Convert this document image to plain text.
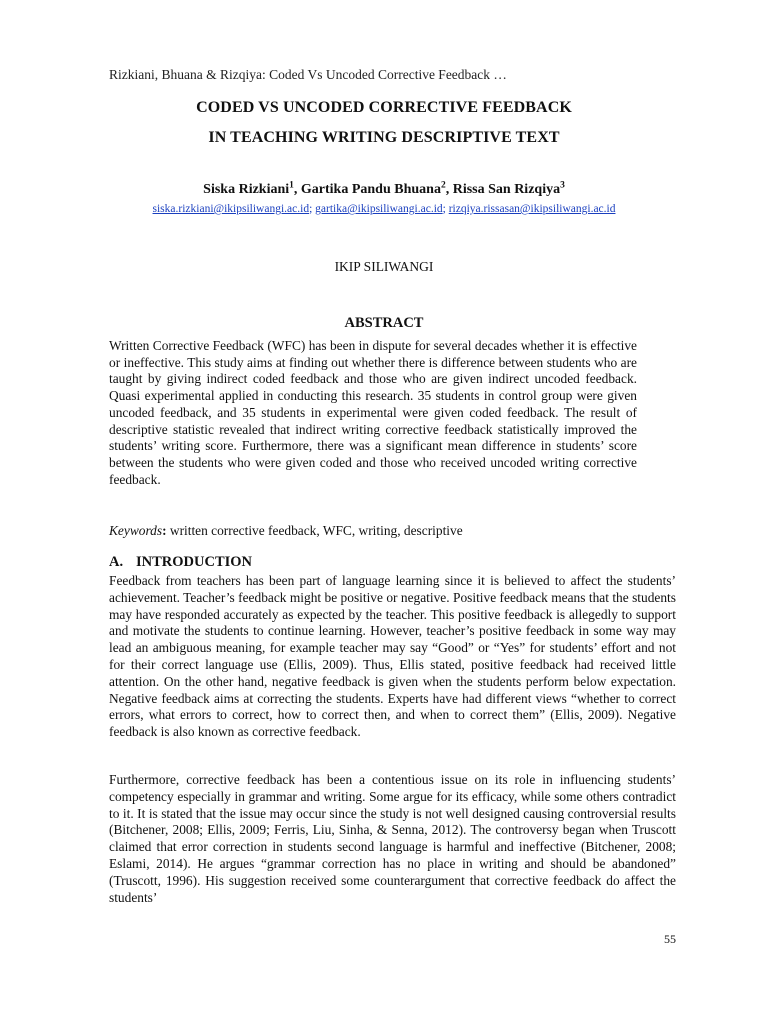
Rizkiani, Bhuana & Rizqiya: Coded Vs Uncoded Corrective Feedback …
CODED VS UNCODED CORRECTIVE FEEDBACK
IN TEACHING WRITING DESCRIPTIVE TEXT
Siska Rizkiani$^1$, Gartika Pandu Bhuana$^2$, Rissa San Rizqiya$^3$
siska.rizkiani@ikipsiliwangi.ac.id; gartika@ikipsiliwangi.ac.id; rizqiya.rissasan@ikipsiliwangi.ac.id
IKIP SILIWANGI
ABSTRACT
Written Corrective Feedback (WFC) has been in dispute for several decades whether it is effective or ineffective. This study aims at finding out whether there is difference between students who are taught by giving indirect coded feedback and those who are given indirect uncoded feedback. Quasi experimental applied in conducting this research. 35 students in control group were given uncoded feedback, and 35 students in experimental were given coded feedback. The result of descriptive statistic revealed that indirect writing corrective feedback statistically improved the students’ writing score. Furthermore, there was a significant mean difference in students’ score between the students who were given coded and those who received uncoded writing corrective feedback.
Keywords: written corrective feedback, WFC, writing, descriptive
A. INTRODUCTION
Feedback from teachers has been part of language learning since it is believed to affect the students’ achievement. Teacher’s feedback might be positive or negative. Positive feedback means that the students may have responded accurately as expected by the teacher. This positive feedback is allegedly to support and motivate the students to continue learning. However, teacher’s positive feedback in some way may lead an ambiguous meaning, for example teacher may say “Good” or “Yes” for students’ effort and not for their correct language use (Ellis, 2009). Thus, Ellis stated, positive feedback had received little attention. On the other hand, negative feedback is given when the students perform below expectation. Negative feedback aims at correcting the students. Experts have had different views “whether to correct errors, what errors to correct, how to correct then, and when to correct them” (Ellis, 2009). Negative feedback is also known as corrective feedback.
Furthermore, corrective feedback has been a contentious issue on its role in influencing students’ competency especially in grammar and writing. Some argue for its efficacy, while some others contradict to it. It is stated that the issue may occur since the study is not well designed causing controversial results (Bitchener, 2008; Ellis, 2009; Ferris, Liu, Sinha, & Senna, 2012). The controversy began when Truscott claimed that error correction in students second language is harmful and ineffective (Bitchener, 2008; Eslami, 2014). He argues “grammar correction has no place in writing and should be abandoned” (Truscott, 1996). His suggestion received some counterargument that corrective feedback do affect the students’
55
